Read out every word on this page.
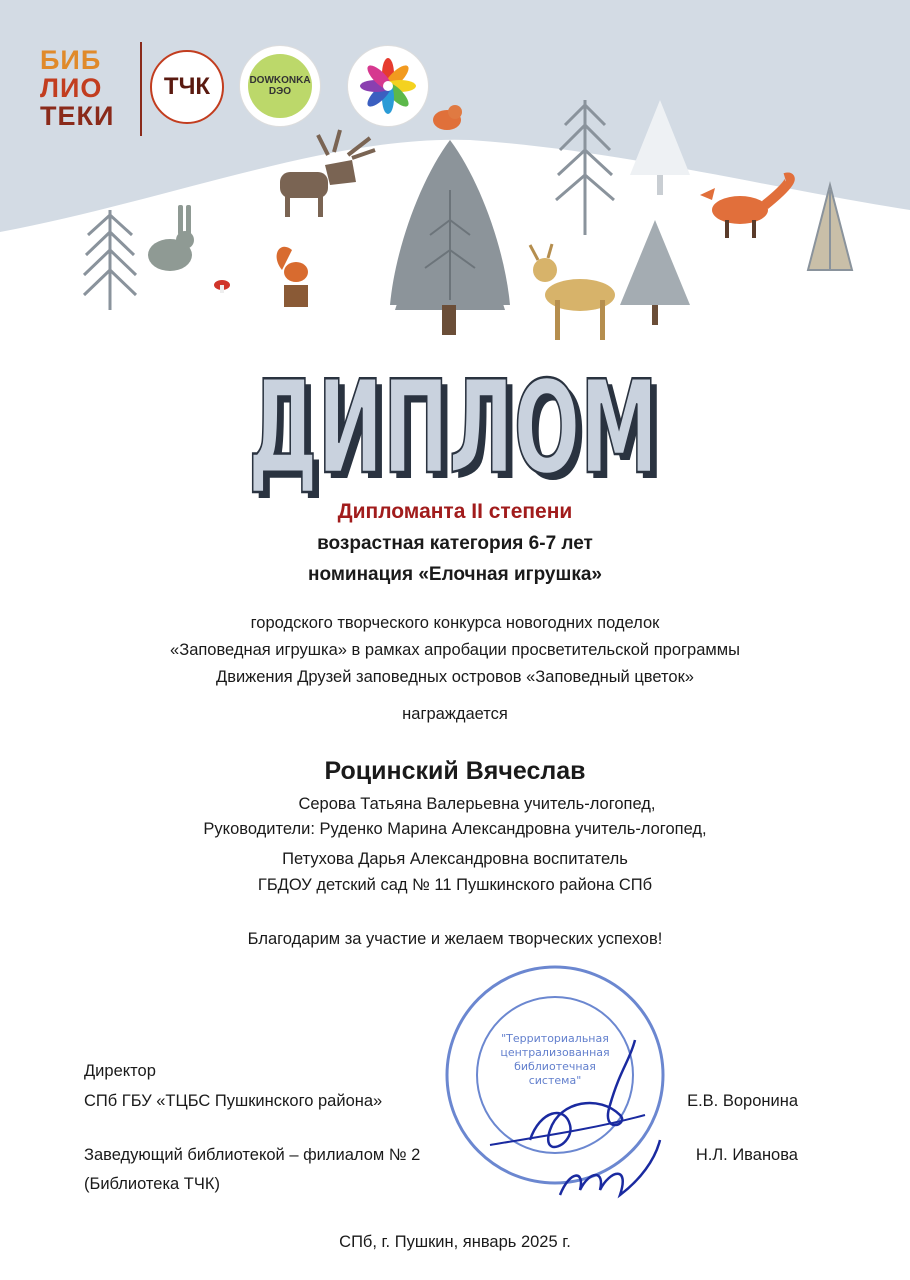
БИБ
ЛИО
ТЕКИ
ТЧК	DOWKONKA
DЭO
ДИПЛОМ
ДИПЛОМ
Дипломанта II степени
возрастная категория 6-7 лет
номинация «Елочная игрушка»
городского творческого конкурса новогодних поделок
«Заповедная игрушка» в рамках апробации просветительской программы
Движения Друзей заповедных островов «Заповедный цветок»
награждается
Роцинский Вячеслав
Серова Татьяна Валерьевна учитель-логопед,
Руководители: Руденко Марина Александровна учитель-логопед,
Петухова Дарья Александровна воспитатель
ГБДОУ детский сад № 11 Пушкинского района СПб
Благодарим за участие и желаем творческих успехов!
"Территориальная
централизованная
библиотечная
система"
Директор
СПб ГБУ «ТЦБС Пушкинского района»	Е.В. Воронина
Заведующий библиотекой – филиалом № 2
(Библиотека ТЧК)
Н.Л. Иванова
СПб, г. Пушкин, январь 2025 г.
